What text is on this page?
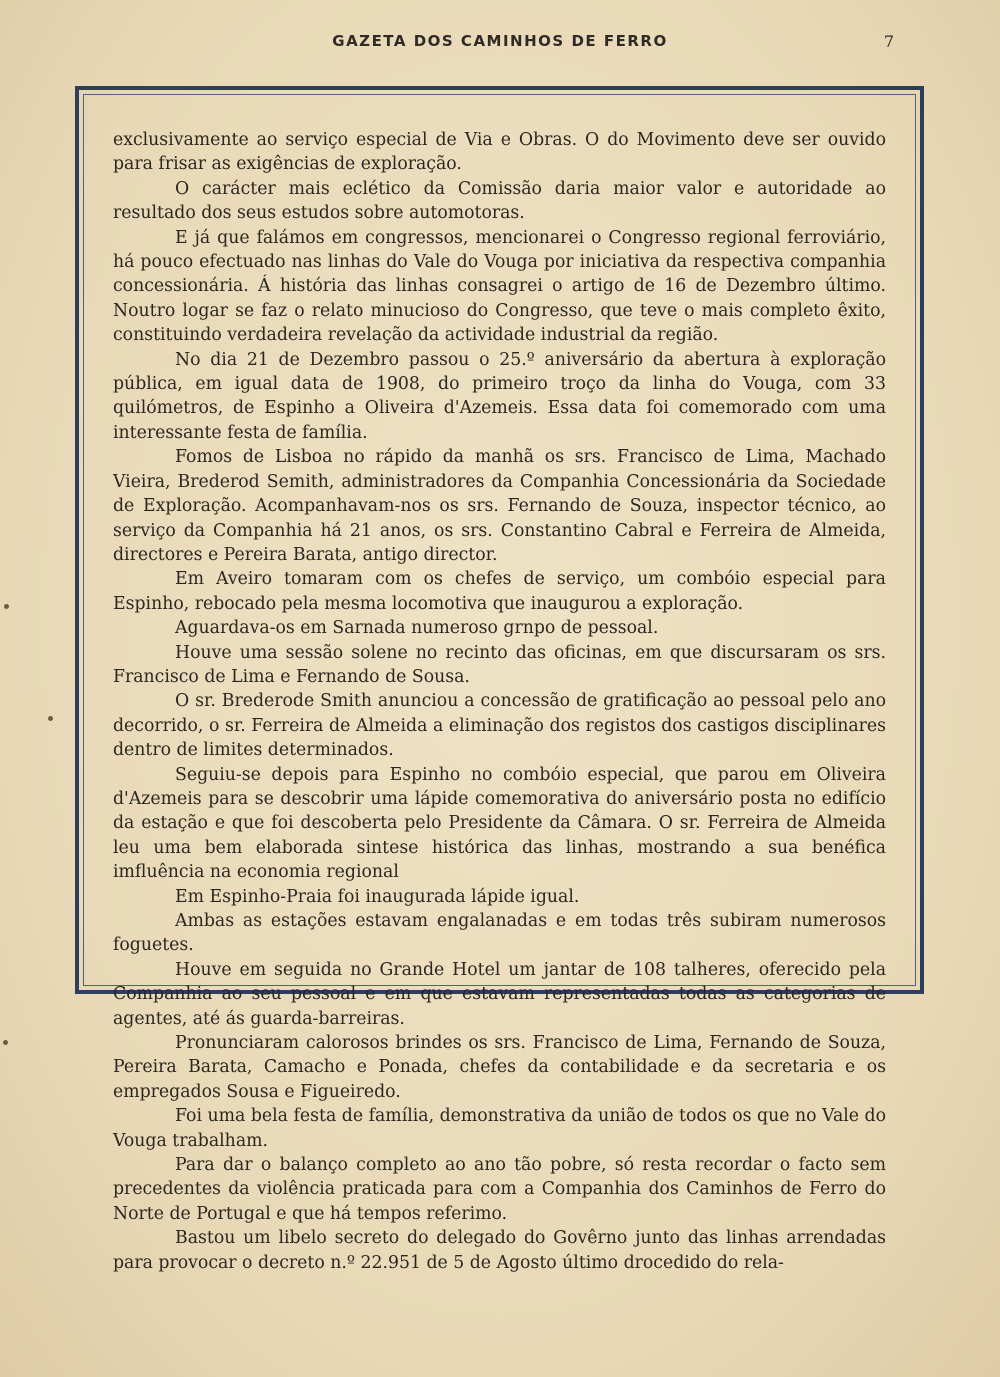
GAZETA DOS CAMINHOS DE FERRO	7

exclusivamente ao serviço especial de Via e Obras. O do Movimento deve ser ouvido para frisar as exigências de exploração.

O carácter mais eclético da Comissão daria maior valor e autoridade ao resultado dos seus estudos sobre automotoras.

E já que falámos em congressos, mencionarei o Congresso regional ferroviário, há pouco efectuado nas linhas do Vale do Vouga por iniciativa da respectiva companhia concessionária. Á história das linhas consagrei o artigo de 16 de Dezembro último. Noutro logar se faz o relato minucioso do Congresso, que teve o mais completo êxito, constituindo verdadeira revelação da actividade industrial da região.

No dia 21 de Dezembro passou o 25.º aniversário da abertura à exploração pública, em igual data de 1908, do primeiro troço da linha do Vouga, com 33 quilómetros, de Espinho a Oliveira d'Azemeis. Essa data foi comemorado com uma interessante festa de família.

Fomos de Lisboa no rápido da manhã os srs. Francisco de Lima, Machado Vieira, Brederod Semith, administradores da Companhia Concessionária da Sociedade de Exploração. Acompanhavam-nos os srs. Fernando de Souza, inspector técnico, ao serviço da Companhia há 21 anos, os srs. Constantino Cabral e Ferreira de Almeida, directores e Pereira Barata, antigo director.

Em Aveiro tomaram com os chefes de serviço, um combóio especial para Espinho, rebocado pela mesma locomotiva que inaugurou a exploração.

Aguardava-os em Sarnada numeroso grnpo de pessoal.

Houve uma sessão solene no recinto das oficinas, em que discursaram os srs. Francisco de Lima e Fernando de Sousa.

O sr. Brederode Smith anunciou a concessão de gratificação ao pessoal pelo ano decorrido, o sr. Ferreira de Almeida a eliminação dos registos dos castigos disciplinares dentro de limites determinados.

Seguiu-se depois para Espinho no combóio especial, que parou em Oliveira d'Azemeis para se descobrir uma lápide comemorativa do aniversário posta no edifício da estação e que foi descoberta pelo Presidente da Câmara. O sr. Ferreira de Almeida leu uma bem elaborada sintese histórica das linhas, mostrando a sua benéfica imfluência na economia regional

Em Espinho-Praia foi inaugurada lápide igual.

Ambas as estações estavam engalanadas e em todas três subiram numerosos foguetes.

Houve em seguida no Grande Hotel um jantar de 108 talheres, oferecido pela Companhia ao seu pessoal e em que estavam representadas todas as categorias de agentes, até ás guarda-barreiras.

Pronunciaram calorosos brindes os srs. Francisco de Lima, Fernando de Souza, Pereira Barata, Camacho e Ponada, chefes da contabilidade e da secretaria e os empregados Sousa e Figueiredo.

Foi uma bela festa de família, demonstrativa da união de todos os que no Vale do Vouga trabalham.

Para dar o balanço completo ao ano tão pobre, só resta recordar o facto sem precedentes da violência praticada para com a Companhia dos Caminhos de Ferro do Norte de Portugal e que há tempos referimo.

Bastou um libelo secreto do delegado do Govêrno junto das linhas arrendadas para provocar o decreto n.º 22.951 de 5 de Agosto último drocedido do rela-
